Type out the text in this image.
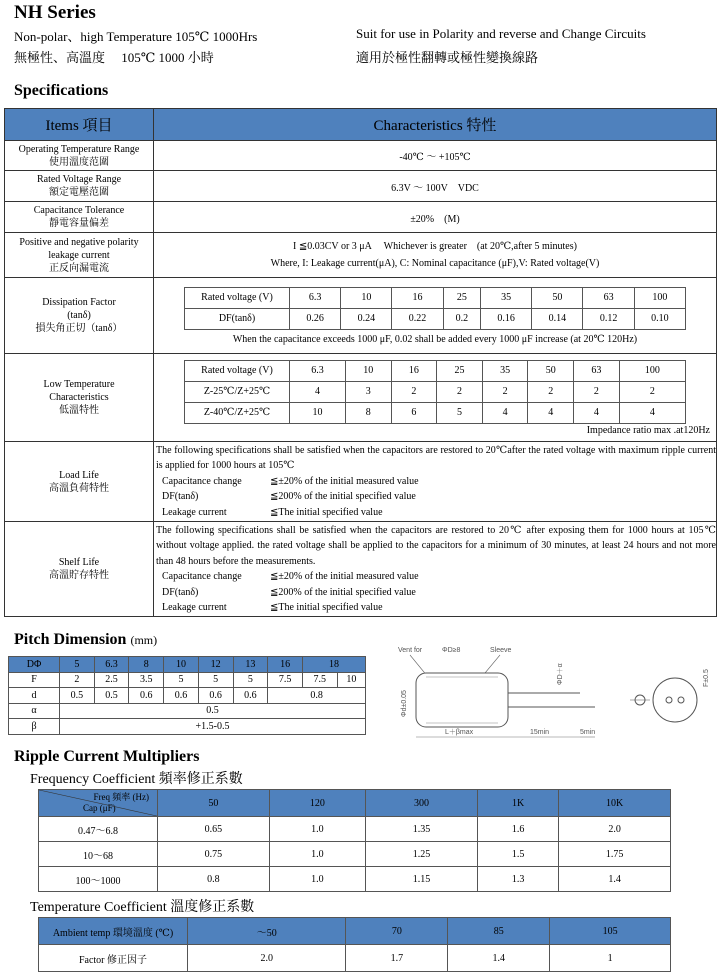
NH Series
Non-polar、high Temperature 105℃ 1000Hrs	Suit for use in Polarity and reverse and Change Circuits
無極性、高溫度　 105℃ 1000 小時	適用於極性翻轉或極性變換線路
Specifications
Items 項目	Characteristics 特性

Operating Temperature Range
使用溫度范圍	-40℃ ～ +105℃

Rated Voltage Range
額定電壓范圍	6.3V ～ 100V　VDC

Capacitance Tolerance
靜電容量偏差	±20%　(M)

Positive and negative polarity
leakage current
正反向漏電流

I ≦0.03CV or 3 μA　 Whichever is greater　(at 20℃,after 5 minutes)
Where, I: Leakage current(μA), C: Nominal capacitance (μF),V: Rated voltage(V)

Dissipation Factor
(tanδ)
損失角正切（tanδ）

Rated voltage (V)	6.3	10	16	25	35	50	63	100
DF(tanδ)	0.26	0.24	0.22	0.2	0.16	0.14	0.12	0.10
When the capacitance exceeds 1000 μF, 0.02 shall be added every 1000 μF increase (at 20℃ 120Hz)

Low Temperature
Characteristics
低溫特性

Rated voltage (V)	6.3	10	16	25	35	50	63	100
Z-25℃/Z+25℃	4	3	2	2	2	2	2	2
Z-40℃/Z+25℃	10	8	6	5	4	4	4	4
Impedance ratio max .at120Hz

Load Life
高溫負荷特性

The following specifications shall be satisfied when the capacitors are restored to 20℃after the rated voltage with maximum ripple current is applied for 1000 hours at 105℃
Capacitance change	≦±20% of the initial measured value
DF(tanδ)	≦200% of the initial specified value
Leakage current	≦The initial specified value

Shelf Life
高溫貯存特性

The following specifications shall be satisfied when the capacitors are restored to 20℃ after exposing them for 1000 hours at 105℃ without voltage applied. the rated voltage shall be applied to the capacitors for a minimum of 30 minutes, at least 24 hours and not more than 48 hours before the measurements.
Capacitance change	≦±20% of the initial measured value
DF(tanδ)	≦200% of the initial specified value
Leakage current	≦The initial specified value
Pitch Dimension (mm)
DΦ	5	6.3	8	10	12	13	16	18	
F	2	2.5	3.5	5	5	5	7.5	7.5	10
d	0.5	0.5	0.6	0.6	0.6	0.6	0.8		
α	0.5								
β	+1.5-0.5								
Vent for	ΦD≥8	Sleeve
L＋βmax	15min	5min
Φd±0.05
ΦD＋α	F±0.5
Ripple Current Multipliers
Frequency Coefficient 頻率修正系數
Freq 頻率 (Hz)
Cap (μF)	50	120	300	1K	10K
0.47～6.8	0.65	1.0	1.35	1.6	2.0
10～68	0.75	1.0	1.25	1.5	1.75
100～1000	0.8	1.0	1.15	1.3	1.4
Temperature Coefficient 溫度修正系數
Ambient temp 環境溫度 (℃)	～50	70	85	105
Factor 修正因子	2.0	1.7	1.4	1
